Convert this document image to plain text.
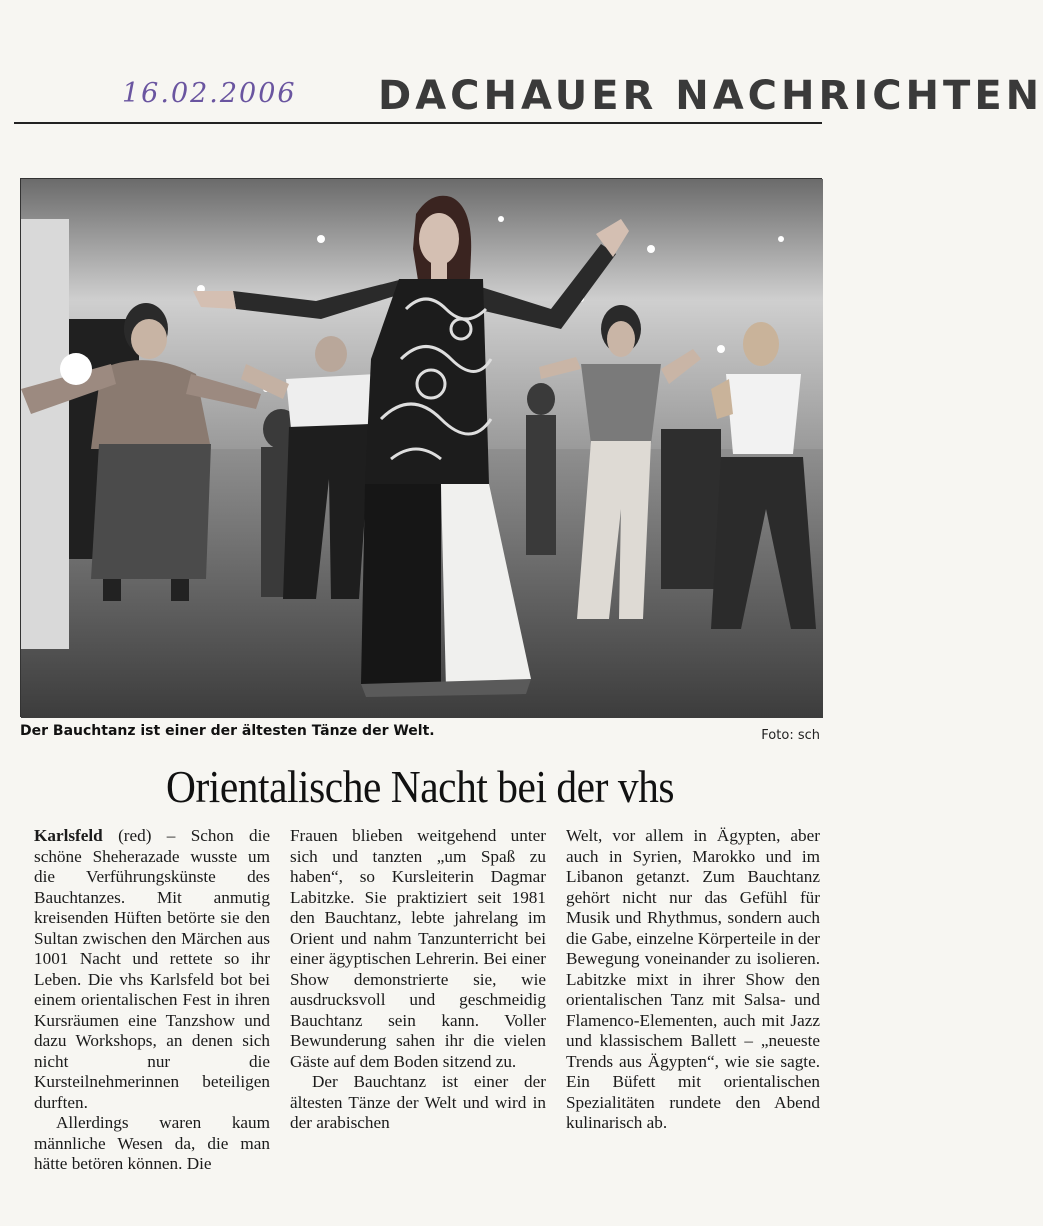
16.02.2006 DACHAUER NACHRICHTEN
Der Bauchtanz ist einer der ältesten Tänze der Welt.	Foto: sch
Orientalische Nacht bei der vhs

Karlsfeld (red) – Schon die schöne Sheherazade wusste um die Verführungskünste des Bauchtanzes. Mit anmutig kreisenden Hüften betörte sie den Sultan zwischen den Märchen aus 1001 Nacht und rettete so ihr Leben. Die vhs Karlsfeld bot bei einem orientalischen Fest in ihren Kursräumen eine Tanzshow und dazu Workshops, an denen sich nicht nur die Kursteilnehmerinnen beteiligen durften.

Allerdings waren kaum männliche Wesen da, die man hätte betören können. Die

Frauen blieben weitgehend unter sich und tanzten „um Spaß zu haben“, so Kursleiterin Dagmar Labitzke. Sie praktiziert seit 1981 den Bauchtanz, lebte jahrelang im Orient und nahm Tanzunterricht bei einer ägyptischen Lehrerin. Bei einer Show demonstrierte sie, wie ausdrucksvoll und geschmeidig Bauchtanz sein kann. Voller Bewunderung sahen ihr die vielen Gäste auf dem Boden sitzend zu.

Der Bauchtanz ist einer der ältesten Tänze der Welt und wird in der arabischen

Welt, vor allem in Ägypten, aber auch in Syrien, Marokko und im Libanon getanzt. Zum Bauchtanz gehört nicht nur das Gefühl für Musik und Rhythmus, sondern auch die Gabe, einzelne Körperteile in der Bewegung voneinander zu isolieren. Labitzke mixt in ihrer Show den orientalischen Tanz mit Salsa- und Flamenco-Elementen, auch mit Jazz und klassischem Ballett – „neueste Trends aus Ägypten“, wie sie sagte. Ein Büfett mit orientalischen Spezialitäten rundete den Abend kulinarisch ab.
